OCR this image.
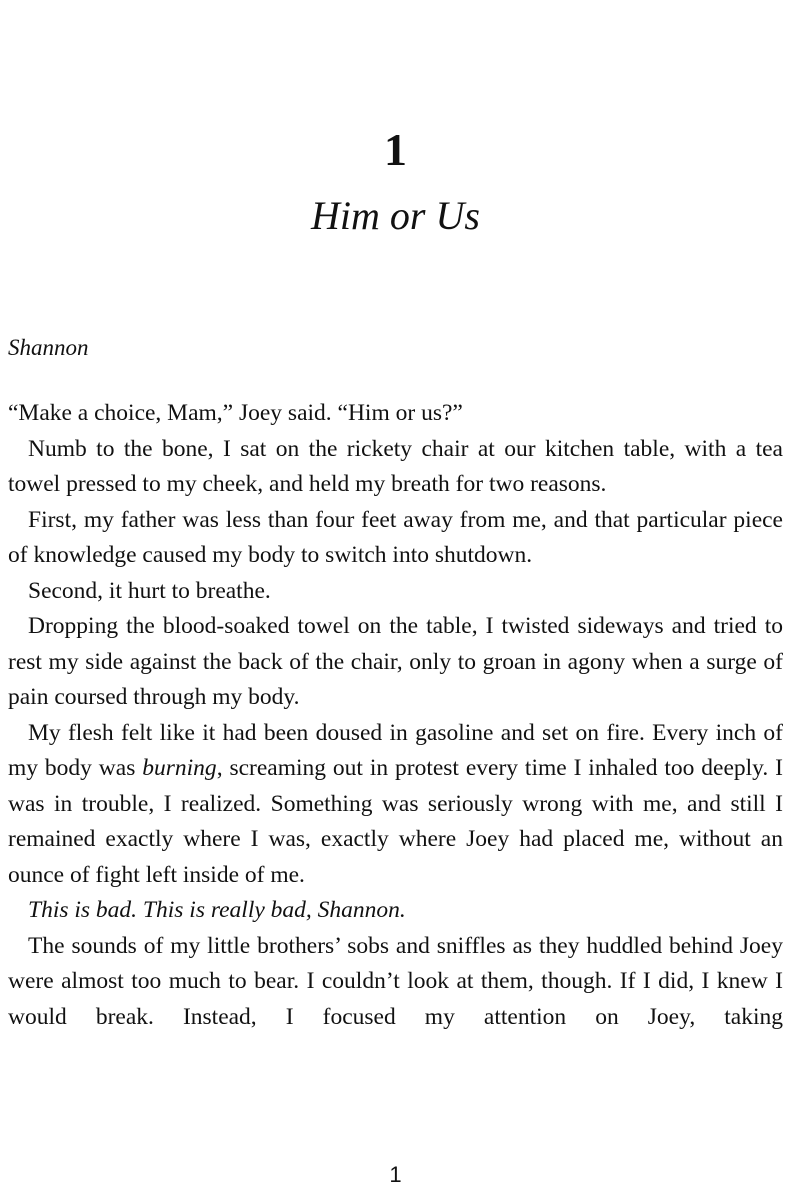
1
Him or Us
Shannon

“Make a choice, Mam,” Joey said. “Him or us?”

Numb to the bone, I sat on the rickety chair at our kitchen table, with a tea towel pressed to my cheek, and held my breath for two reasons.

First, my father was less than four feet away from me, and that particular piece of knowledge caused my body to switch into shutdown.

Second, it hurt to breathe.

Dropping the blood-soaked towel on the table, I twisted sideways and tried to rest my side against the back of the chair, only to groan in agony when a surge of pain coursed through my body.

My flesh felt like it had been doused in gasoline and set on fire. Every inch of my body was burning, screaming out in protest every time I inhaled too deeply. I was in trouble, I realized. Something was seriously wrong with me, and still I remained exactly where I was, exactly where Joey had placed me, without an ounce of fight left inside of me.

This is bad. This is really bad, Shannon.

The sounds of my little brothers’ sobs and sniffles as they huddled behind Joey were almost too much to bear. I couldn’t look at them, though. If I did, I knew I would break. Instead, I focused my attention on Joey, taking

1
